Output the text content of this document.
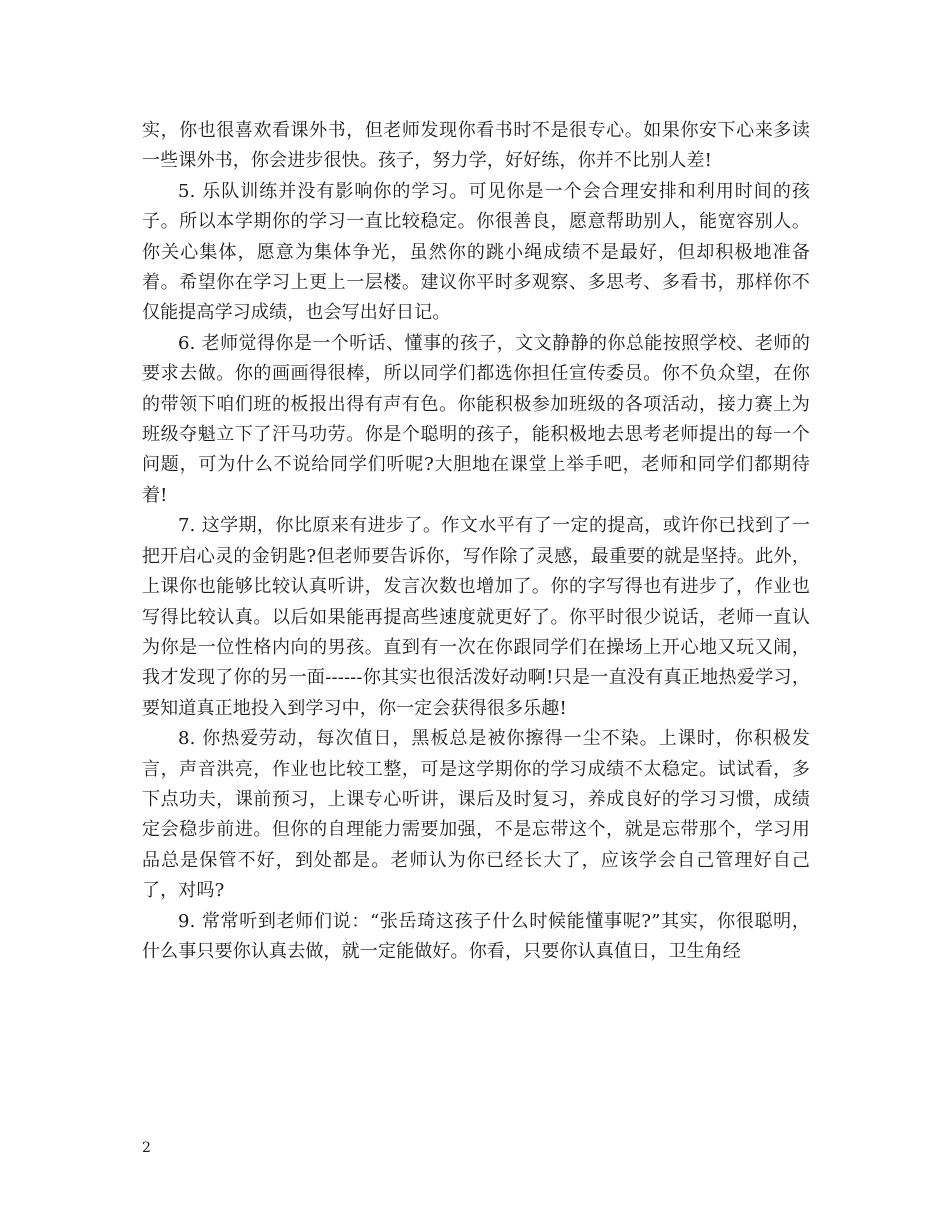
实，你也很喜欢看课外书，但老师发现你看书时不是很专心。如果你安下心来多读一些课外书，你会进步很快。孩子，努力学，好好练，你并不比别人差!

5. 乐队训练并没有影响你的学习。可见你是一个会合理安排和利用时间的孩子。所以本学期你的学习一直比较稳定。你很善良，愿意帮助别人，能宽容别人。你关心集体，愿意为集体争光，虽然你的跳小绳成绩不是最好，但却积极地准备着。希望你在学习上更上一层楼。建议你平时多观察、多思考、多看书，那样你不仅能提高学习成绩，也会写出好日记。

6. 老师觉得你是一个听话、懂事的孩子，文文静静的你总能按照学校、老师的要求去做。你的画画得很棒，所以同学们都选你担任宣传委员。你不负众望，在你的带领下咱们班的板报出得有声有色。你能积极参加班级的各项活动，接力赛上为班级夺魁立下了汗马功劳。你是个聪明的孩子，能积极地去思考老师提出的每一个问题，可为什么不说给同学们听呢?大胆地在课堂上举手吧，老师和同学们都期待着!

7. 这学期，你比原来有进步了。作文水平有了一定的提高，或许你已找到了一把开启心灵的金钥匙?但老师要告诉你，写作除了灵感，最重要的就是坚持。此外，上课你也能够比较认真听讲，发言次数也增加了。你的字写得也有进步了，作业也写得比较认真。以后如果能再提高些速度就更好了。你平时很少说话，老师一直认为你是一位性格内向的男孩。直到有一次在你跟同学们在操场上开心地又玩又闹，我才发现了你的另一面------你其实也很活泼好动啊!只是一直没有真正地热爱学习，要知道真正地投入到学习中，你一定会获得很多乐趣!

8. 你热爱劳动，每次值日，黑板总是被你擦得一尘不染。上课时，你积极发言，声音洪亮，作业也比较工整，可是这学期你的学习成绩不太稳定。试试看，多下点功夫，课前预习，上课专心听讲，课后及时复习，养成良好的学习习惯，成绩定会稳步前进。但你的自理能力需要加强，不是忘带这个，就是忘带那个，学习用品总是保管不好，到处都是。老师认为你已经长大了，应该学会自己管理好自己了，对吗?

9. 常常听到老师们说：“张岳琦这孩子什么时候能懂事呢?”其实，你很聪明，什么事只要你认真去做，就一定能做好。你看，只要你认真值日，卫生角经

2
